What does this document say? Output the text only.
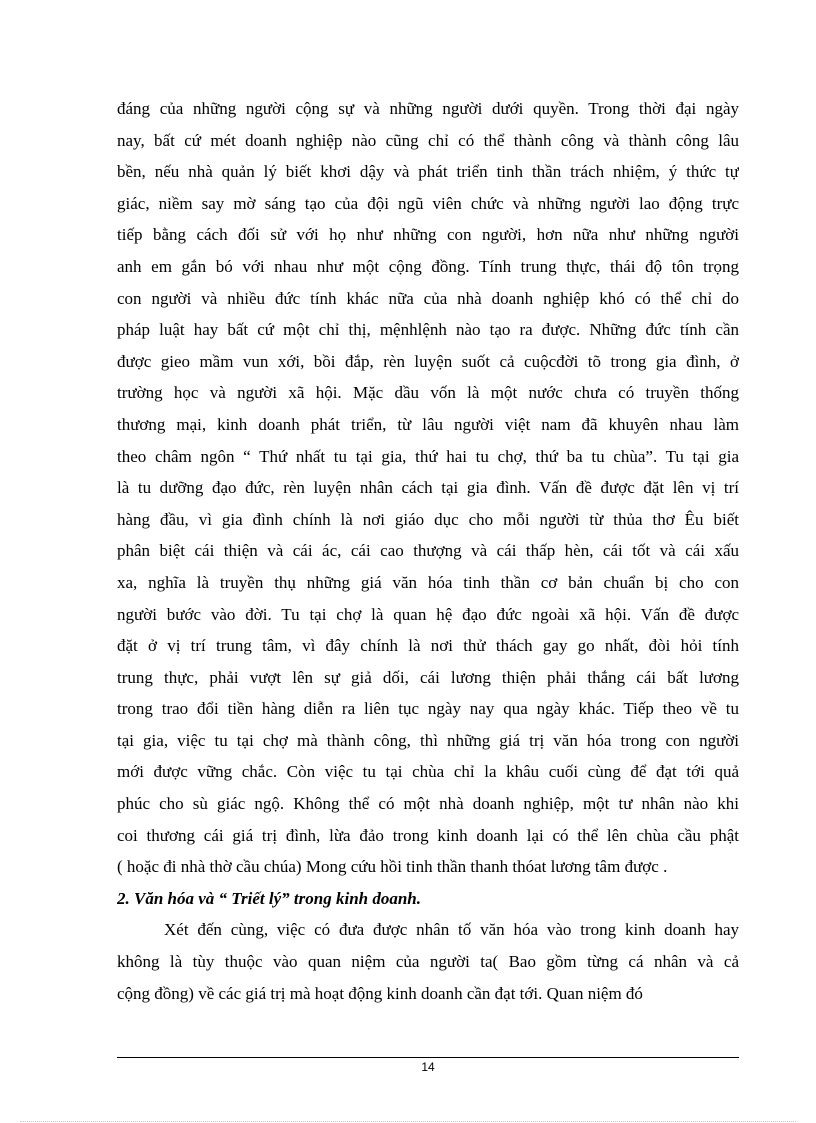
đáng của những người cộng sự và những người dưới quyền. Trong thời đại ngày
nay, bất cứ mét doanh nghiệp nào cũng chỉ có thể thành công và thành công lâu
bền, nếu nhà quản lý biết khơi dậy và phát triển tinh thần trách nhiệm, ý thức tự
giác, niềm say mờ sáng tạo của đội ngũ viên chức và những người lao động trực
tiếp bằng cách đối sử với họ như những con người, hơn nữa như những người
anh em gắn bó với nhau như một cộng đồng. Tính trung thực, thái độ tôn trọng
con người và nhiều đức tính khác nữa của nhà doanh nghiệp khó có thể chỉ do
pháp luật hay bất cứ một chỉ thị, mệnhlệnh nào tạo ra được. Những đức tính cần
được gieo mầm vun xới, bồi đắp, rèn luyện suốt cả cuộcđời tõ trong gia đình, ở
trường học và người xã hội. Mặc dầu vốn là một nước chưa có truyền thống
thương mại, kinh doanh phát triển, từ lâu người việt nam đã khuyên nhau làm
theo châm ngôn “ Thứ nhất tu tại gia, thứ hai tu chợ, thứ ba tu chùa”. Tu tại gia
là tu dưỡng đạo đức, rèn luyện nhân cách tại gia đình. Vấn đề được đặt lên vị trí
hàng đầu, vì gia đình chính là nơi giáo dục cho mỗi người từ thủa thơ Êu biết
phân biệt cái thiện và cái ác, cái cao thượng và cái thấp hèn, cái tốt và cái xấu
xa, nghĩa là truyền thụ những giá văn hóa tinh thần cơ bản chuẩn bị cho con
người bước vào đời. Tu tại chợ là quan hệ đạo đức ngoài xã hội. Vấn đề được
đặt ở vị trí trung tâm, vì đây chính là nơi thử thách gay go nhất, đòi hỏi tính
trung thực, phải vượt lên sự giả dối, cái lương thiện phải thắng cái bất lương
trong trao đổi tiền hàng diễn ra liên tục ngày nay qua ngày khác. Tiếp theo về tu
tại gia, việc tu tại chợ mà thành công, thì những giá trị văn hóa trong con người
mới được vững chắc. Còn việc tu tại chùa chỉ la khâu cuối cùng để đạt tới quả
phúc cho sù giác ngộ. Không thể có một nhà doanh nghiệp, một tư nhân nào khi
coi thương cái giá trị đình, lừa đảo trong kinh doanh lại có thể lên chùa cầu phật
( hoặc đi nhà thờ cầu chúa) Mong cứu hồi tinh thần thanh thóat lương tâm được .
2. Văn hóa và “ Triết lý” trong kinh doanh.
Xét đến cùng, việc có đưa được nhân tố văn hóa vào trong kinh doanh hay
không là tùy thuộc vào quan niệm của người ta( Bao gồm từng cá nhân và cả
cộng đồng) về các giá trị mà hoạt động kinh doanh cần đạt tới. Quan niệm đó
14
